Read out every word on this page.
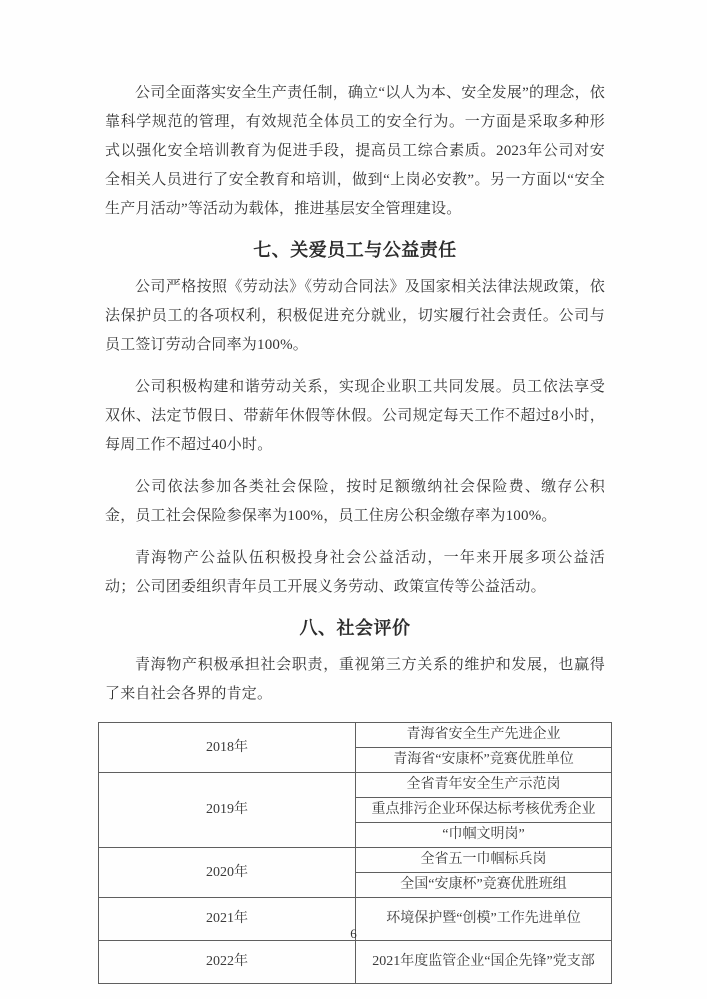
公司全面落实安全生产责任制，确立“以人为本、安全发展”的理念，依靠科学规范的管理，有效规范全体员工的安全行为。一方面是采取多种形式以强化安全培训教育为促进手段，提高员工综合素质。2023年公司对安全相关人员进行了安全教育和培训，做到“上岗必安教”。另一方面以“安全生产月活动”等活动为载体，推进基层安全管理建设。

七、关爱员工与公益责任

公司严格按照《劳动法》《劳动合同法》及国家相关法律法规政策，依法保护员工的各项权利，积极促进充分就业，切实履行社会责任。公司与员工签订劳动合同率为100%。

公司积极构建和谐劳动关系，实现企业职工共同发展。员工依法享受双休、法定节假日、带薪年休假等休假。公司规定每天工作不超过8小时，每周工作不超过40小时。

公司依法参加各类社会保险，按时足额缴纳社会保险费、缴存公积金，员工社会保险参保率为100%，员工住房公积金缴存率为100%。

青海物产公益队伍积极投身社会公益活动，一年来开展多项公益活动；公司团委组织青年员工开展义务劳动、政策宣传等公益活动。

八、社会评价

青海物产积极承担社会职责，重视第三方关系的维护和发展，也赢得了来自社会各界的肯定。

2018年	青海省安全生产先进企业
	青海省“安康杯”竞赛优胜单位
2019年	全省青年安全生产示范岗
	重点排污企业环保达标考核优秀企业
	“巾帼文明岗”
2020年	全省五一巾帼标兵岗
	全国“安康杯”竞赛优胜班组
2021年	环境保护暨“创模”工作先进单位
2022年	2021年度监管企业“国企先锋”党支部
6
